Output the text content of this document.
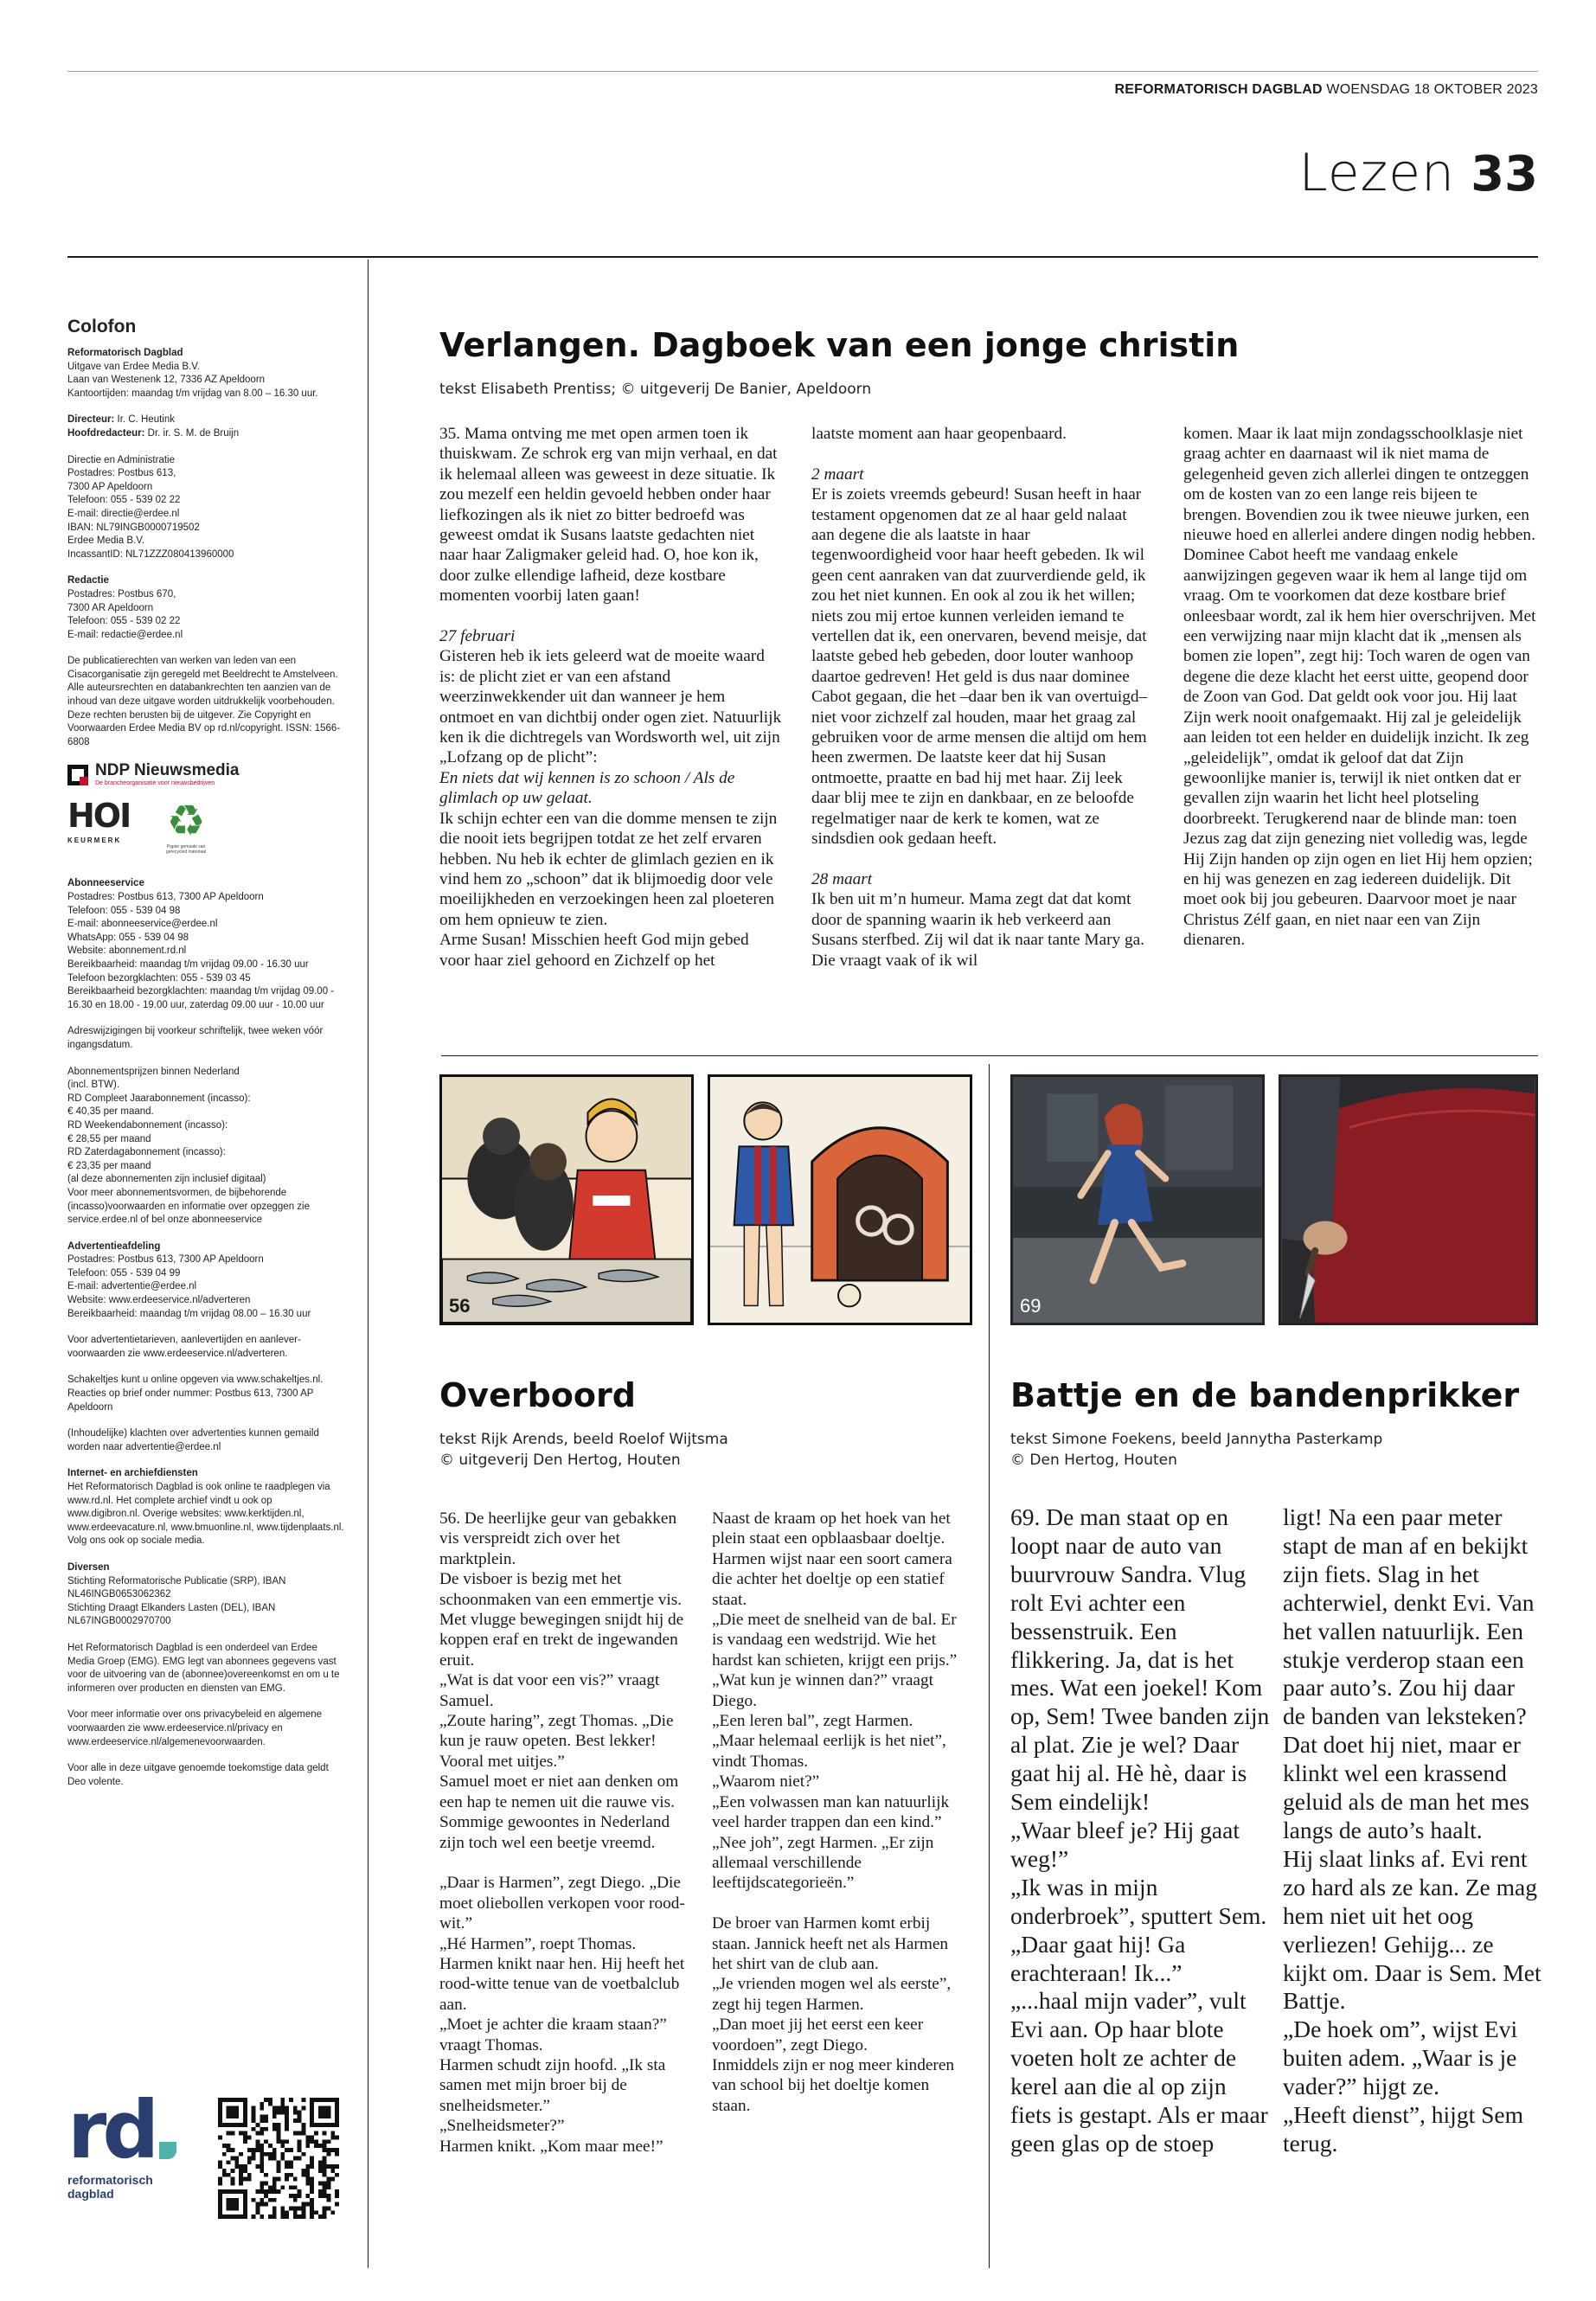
REFORMATORISCH DAGBLAD WOENSDAG 18 OKTOBER 2023
Lezen 33
Colofon
Reformatorisch Dagblad
Uitgave van Erdee Media B.V.
Laan van Westenenk 12, 7336 AZ Apeldoorn
Kantoortijden: maandag t/m vrijdag van 8.00 – 16.30 uur.
Directeur: Ir. C. Heutink
Hoofdredacteur: Dr. ir. S. M. de Bruijn
Directie en Administratie
Postadres: Postbus 613,
7300 AP Apeldoorn
Telefoon: 055 - 539 02 22
E-mail: directie@erdee.nl
IBAN: NL79INGB0000719502
Erdee Media B.V.
IncassantID: NL71ZZZ080413960000
Redactie
Postadres: Postbus 670,
7300 AR Apeldoorn
Telefoon: 055 - 539 02 22
E-mail: redactie@erdee.nl
De publicatierechten van werken van leden van een Cisacorganisatie zijn geregeld met Beeldrecht te Amstelveen. Alle auteursrechten en databankrechten ten aanzien van de inhoud van deze uitgave worden uitdrukkelijk voorbehouden. Deze rechten berusten bij de uitgever. Zie Copyright en Voorwaarden Erdee Media BV op rd.nl/copyright. ISSN: 1566-6808
NDP Nieuwsmedia
De brancheorganisatie voor nieuwsbedrijven
HOI
KEURMERK	♻
Papier gemaakt van gerecycled materiaal
Abonneeservice
Postadres: Postbus 613, 7300 AP Apeldoorn
Telefoon: 055 - 539 04 98
E-mail: abonneeservice@erdee.nl
WhatsApp: 055 - 539 04 98
Website: abonnement.rd.nl
Bereikbaarheid: maandag t/m vrijdag 09.00 - 16.30 uur
Telefoon bezorgklachten: 055 - 539 03 45
Bereikbaarheid bezorgklachten: maandag t/m vrijdag 09.00 - 16.30 en 18.00 - 19.00 uur, zaterdag 09.00 uur - 10.00 uur
Adreswijzigingen bij voorkeur schriftelijk, twee weken vóór ingangsdatum.
Abonnementsprijzen binnen Nederland
(incl. BTW).
RD Compleet Jaarabonnement (incasso):
€ 40,35 per maand.
RD Weekendabonnement (incasso):
€ 28,55 per maand
RD Zaterdagabonnement (incasso):
€ 23,35 per maand
(al deze abonnementen zijn inclusief digitaal)
Voor meer abonnementsvormen, de bijbehorende (incasso)voorwaarden en informatie over opzeggen zie service.erdee.nl of bel onze abonneeservice
Advertentieafdeling
Postadres: Postbus 613, 7300 AP Apeldoorn
Telefoon: 055 - 539 04 99
E-mail: advertentie@erdee.nl
Website: www.erdeeservice.nl/adverteren
Bereikbaarheid: maandag t/m vrijdag 08.00 – 16.30 uur
Voor advertentietarieven, aanlevertijden en aanlever-voorwaarden zie www.erdeeservice.nl/adverteren.
Schakeltjes kunt u online opgeven via www.schakeltjes.nl. Reacties op brief onder nummer: Postbus 613, 7300 AP Apeldoorn
(Inhoudelijke) klachten over advertenties kunnen gemaild worden naar advertentie@erdee.nl
Internet- en archiefdiensten
Het Reformatorisch Dagblad is ook online te raadplegen via www.rd.nl. Het complete archief vindt u ook op www.digibron.nl. Overige websites: www.kerktijden.nl, www.erdeevacature.nl, www.bmuonline.nl, www.tijdenplaats.nl. Volg ons ook op sociale media.
Diversen
Stichting Reformatorische Publicatie (SRP), IBAN NL46INGB0653062362
Stichting Draagt Elkanders Lasten (DEL), IBAN NL67INGB0002970700
Het Reformatorisch Dagblad is een onderdeel van Erdee Media Groep (EMG). EMG legt van abonnees gegevens vast voor de uitvoering van de (abonnee)overeenkomst en om u te informeren over producten en diensten van EMG.
Voor meer informatie over ons privacybeleid en algemene voorwaarden zie www.erdeeservice.nl/privacy en www.erdeeservice.nl/algemenevoorwaarden.
Voor alle in deze uitgave genoemde toekomstige data geldt Deo volente.
rd
reformatorisch
dagblad
Verlangen. Dagboek van een jonge christin
tekst Elisabeth Prentiss; © uitgeverij De Banier, Apeldoorn

35. Mama ontving me met open armen toen ik thuiskwam. Ze schrok erg van mijn verhaal, en dat ik helemaal alleen was geweest in deze situatie. Ik zou mezelf een heldin gevoeld hebben onder haar liefkozingen als ik niet zo bitter bedroefd was geweest omdat ik Susans laatste gedachten niet naar haar Zaligmaker geleid had. O, hoe kon ik, door zulke ellendige lafheid, deze kostbare momenten voorbij laten gaan!

27 februari

Gisteren heb ik iets geleerd wat de moeite waard is: de plicht ziet er van een afstand weerzinwekkender uit dan wanneer je hem ontmoet en van dichtbij onder ogen ziet. Natuurlijk ken ik die dichtregels van Wordsworth wel, uit zijn „Lofzang op de plicht”:

En niets dat wij kennen is zo schoon / Als de glimlach op uw gelaat.

Ik schijn echter een van die domme mensen te zijn die nooit iets begrijpen totdat ze het zelf ervaren hebben. Nu heb ik echter de glimlach gezien en ik vind hem zo „schoon” dat ik blijmoedig door vele moeilijkheden en verzoekingen heen zal ploeteren om hem opnieuw te zien.

Arme Susan! Misschien heeft God mijn gebed voor haar ziel gehoord en Zichzelf op het

laatste moment aan haar geopenbaard.

2 maart

Er is zoiets vreemds gebeurd! Susan heeft in haar testament opgenomen dat ze al haar geld nalaat aan degene die als laatste in haar tegenwoordigheid voor haar heeft gebeden. Ik wil geen cent aanraken van dat zuurverdiende geld, ik zou het niet kunnen. En ook al zou ik het willen; niets zou mij ertoe kunnen verleiden iemand te vertellen dat ik, een onervaren, bevend meisje, dat laatste gebed heb gebeden, door louter wanhoop daartoe gedreven! Het geld is dus naar dominee Cabot gegaan, die het –daar ben ik van overtuigd– niet voor zichzelf zal houden, maar het graag zal gebruiken voor de arme mensen die altijd om hem heen zwermen. De laatste keer dat hij Susan ontmoette, praatte en bad hij met haar. Zij leek daar blij mee te zijn en dankbaar, en ze beloofde regelmatiger naar de kerk te komen, wat ze sindsdien ook gedaan heeft.

28 maart

Ik ben uit m’n humeur. Mama zegt dat dat komt door de spanning waarin ik heb verkeerd aan Susans sterfbed. Zij wil dat ik naar tante Mary ga. Die vraagt vaak of ik wil

komen. Maar ik laat mijn zondagsschoolklasje niet graag achter en daarnaast wil ik niet mama de gelegenheid geven zich allerlei dingen te ontzeggen om de kosten van zo een lange reis bijeen te brengen. Bovendien zou ik twee nieuwe jurken, een nieuwe hoed en allerlei andere dingen nodig hebben. Dominee Cabot heeft me vandaag enkele aanwijzingen gegeven waar ik hem al lange tijd om vraag. Om te voorkomen dat deze kostbare brief onleesbaar wordt, zal ik hem hier overschrijven. Met een verwijzing naar mijn klacht dat ik „mensen als bomen zie lopen”, zegt hij: Toch waren de ogen van degene die deze klacht het eerst uitte, geopend door de Zoon van God. Dat geldt ook voor jou. Hij laat Zijn werk nooit onafgemaakt. Hij zal je geleidelijk aan leiden tot een helder en duidelijk inzicht. Ik zeg „geleidelijk”, omdat ik geloof dat dat Zijn gewoonlijke manier is, terwijl ik niet ontken dat er gevallen zijn waarin het licht heel plotseling doorbreekt. Terugkerend naar de blinde man: toen Jezus zag dat zijn genezing niet volledig was, legde Hij Zijn handen op zijn ogen en liet Hij hem opzien; en hij was genezen en zag iedereen duidelijk. Dit moet ook bij jou gebeuren. Daarvoor moet je naar Christus Zélf gaan, en niet naar een van Zijn dienaren.

56	69
Overboord
tekst Rijk Arends, beeld Roelof Wijtsma
© uitgeverij Den Hertog, Houten

56. De heerlijke geur van gebakken vis verspreidt zich over het marktplein.

De visboer is bezig met het schoonmaken van een emmertje vis. Met vlugge bewegingen snijdt hij de koppen eraf en trekt de ingewanden eruit.

„Wat is dat voor een vis?” vraagt Samuel.

„Zoute haring”, zegt Thomas. „Die kun je rauw opeten. Best lekker! Vooral met uitjes.”

Samuel moet er niet aan denken om een hap te nemen uit die rauwe vis. Sommige gewoontes in Nederland zijn toch wel een beetje vreemd.

„Daar is Harmen”, zegt Diego. „Die moet oliebollen verkopen voor rood-wit.”

„Hé Harmen”, roept Thomas.

Harmen knikt naar hen. Hij heeft het rood-witte tenue van de voetbalclub aan.

„Moet je achter die kraam staan?” vraagt Thomas.

Harmen schudt zijn hoofd. „Ik sta samen met mijn broer bij de snelheidsmeter.”

„Snelheidsmeter?”

Harmen knikt. „Kom maar mee!”

Naast de kraam op het hoek van het plein staat een opblaasbaar doeltje.

Harmen wijst naar een soort camera die achter het doeltje op een statief staat.

„Die meet de snelheid van de bal. Er is vandaag een wedstrijd. Wie het hardst kan schieten, krijgt een prijs.”

„Wat kun je winnen dan?” vraagt Diego.

„Een leren bal”, zegt Harmen.

„Maar helemaal eerlijk is het niet”, vindt Thomas.

„Waarom niet?”

„Een volwassen man kan natuurlijk veel harder trappen dan een kind.”

„Nee joh”, zegt Harmen. „Er zijn allemaal verschillende leeftijdscategorieën.”

De broer van Harmen komt erbij staan. Jannick heeft net als Harmen het shirt van de club aan.

„Je vrienden mogen wel als eerste”, zegt hij tegen Harmen.

„Dan moet jij het eerst een keer voordoen”, zegt Diego.

Inmiddels zijn er nog meer kinderen van school bij het doeltje komen staan.

Battje en de bandenprikker
tekst Simone Foekens, beeld Jannytha Pasterkamp
© Den Hertog, Houten

69. De man staat op en loopt naar de auto van buurvrouw Sandra. Vlug rolt Evi achter een bessenstruik. Een flikkering. Ja, dat is het mes. Wat een joekel! Kom op, Sem! Twee banden zijn al plat. Zie je wel? Daar gaat hij al. Hè hè, daar is Sem eindelijk!

„Waar bleef je? Hij gaat weg!”

„Ik was in mijn onderbroek”, sputtert Sem. „Daar gaat hij! Ga erachteraan! Ik...”

„...haal mijn vader”, vult Evi aan. Op haar blote voeten holt ze achter de kerel aan die al op zijn fiets is gestapt. Als er maar geen glas op de stoep

ligt! Na een paar meter stapt de man af en bekijkt zijn fiets. Slag in het achterwiel, denkt Evi. Van het vallen natuurlijk. Een stukje verderop staan een paar auto’s. Zou hij daar de banden van leksteken? Dat doet hij niet, maar er klinkt wel een krassend geluid als de man het mes langs de auto’s haalt.

Hij slaat links af. Evi rent zo hard als ze kan. Ze mag hem niet uit het oog verliezen! Gehijg... ze kijkt om. Daar is Sem. Met Battje.

„De hoek om”, wijst Evi buiten adem. „Waar is je vader?” hijgt ze.

„Heeft dienst”, hijgt Sem terug.
